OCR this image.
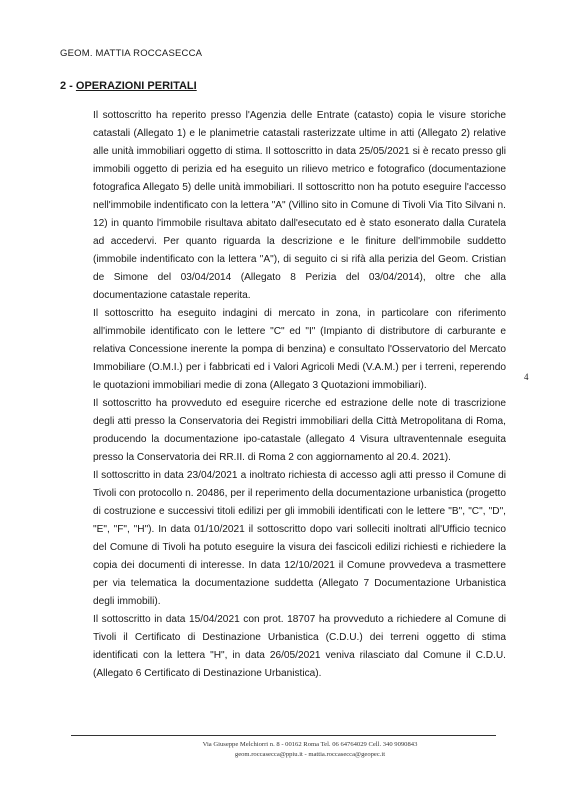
GEOM. MATTIA ROCCASECCA
2 - OPERAZIONI PERITALI

Il sottoscritto ha reperito presso l'Agenzia delle Entrate (catasto) copia le visure storiche catastali (Allegato 1) e le planimetrie catastali rasterizzate ultime in atti (Allegato 2) relative alle unità immobiliari oggetto di stima. Il sottoscritto in data 25/05/2021 si è recato presso gli immobili oggetto di perizia ed ha eseguito un rilievo metrico e fotografico (documentazione fotografica Allegato 5) delle unità immobiliari. Il sottoscritto non ha potuto eseguire l'accesso nell'immobile indentificato con la lettera "A" (Villino sito in Comune di Tivoli Via Tito Silvani n. 12) in quanto l'immobile risultava abitato dall'esecutato ed è stato esonerato dalla Curatela ad accedervi. Per quanto riguarda la descrizione e le finiture dell'immobile suddetto (immobile indentificato con la lettera "A"), di seguito ci si rifà alla perizia del Geom. Cristian de Simone del 03/04/2014 (Allegato 8 Perizia del 03/04/2014), oltre che alla documentazione catastale reperita.

Il sottoscritto ha eseguito indagini di mercato in zona, in particolare con riferimento all'immobile identificato con le lettere "C" ed "I" (Impianto di distributore di carburante e relativa Concessione inerente la pompa di benzina) e consultato l'Osservatorio del Mercato Immobiliare (O.M.I.) per i fabbricati ed i Valori Agricoli Medi (V.A.M.) per i terreni, reperendo le quotazioni immobiliari medie di zona (Allegato 3 Quotazioni immobiliari).

Il sottoscritto ha provveduto ed eseguire ricerche ed estrazione delle note di trascrizione degli atti presso la Conservatoria dei Registri immobiliari della Città Metropolitana di Roma, producendo la documentazione ipo-catastale (allegato 4 Visura ultraventennale eseguita presso la Conservatoria dei RR.II. di Roma 2 con aggiornamento al 20.4. 2021).

Il sottoscritto in data 23/04/2021 a inoltrato richiesta di accesso agli atti presso il Comune di Tivoli con protocollo n. 20486, per il reperimento della documentazione urbanistica (progetto di costruzione e successivi titoli edilizi per gli immobili identificati con le lettere "B", "C", "D", "E", "F", "H"). In data 01/10/2021 il sottoscritto dopo vari solleciti inoltrati all'Ufficio tecnico del Comune di Tivoli ha potuto eseguire la visura dei fascicoli edilizi richiesti e richiedere la copia dei documenti di interesse. In data 12/10/2021 il Comune provvedeva a trasmettere per via telematica la documentazione suddetta (Allegato 7 Documentazione Urbanistica degli immobili).

Il sottoscritto in data 15/04/2021 con prot. 18707 ha provveduto a richiedere al Comune di Tivoli il Certificato di Destinazione Urbanistica (C.D.U.) dei terreni oggetto di stima identificati con la lettera "H", in data 26/05/2021 veniva rilasciato dal Comune il C.D.U. (Allegato 6 Certificato di Destinazione Urbanistica).

4
Via Giuseppe Melchiorri n. 8 - 00162 Roma Tel. 06 64764029 Cell. 340 9090843
geom.roccasecca@ppiu.it - mattia.roccasecca@geopec.it
